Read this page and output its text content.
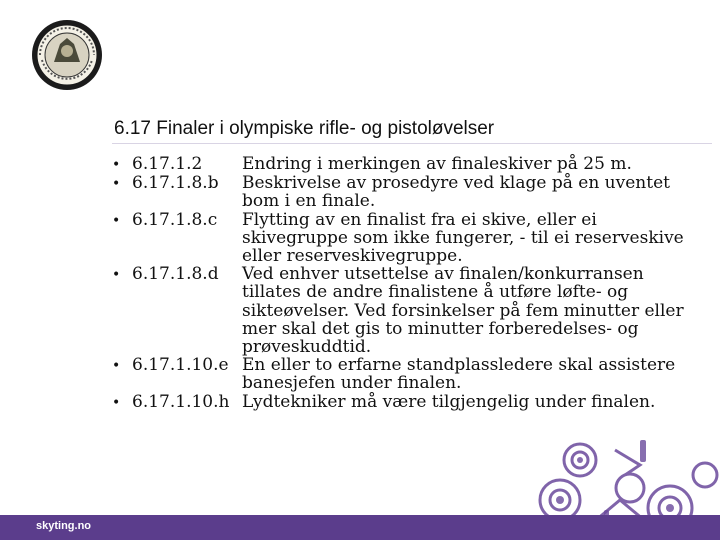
6.17 Finaler i olympiske rifle- og pistoløvelser
• 6.17.1.2	Endring i merkingen av finaleskiver på 25 m.
• 6.17.1.8.b	Beskrivelse av prosedyre ved klage på en uventet bom i en finale.
• 6.17.1.8.c	Flytting av en finalist fra ei skive, eller ei skivegruppe som ikke fungerer, - til ei reserveskive eller reserveskivegruppe.
• 6.17.1.8.d	Ved enhver utsettelse av finalen/konkurransen tillates de andre finalistene å utføre løfte- og sikteøvelser. Ved forsinkelser på fem minutter eller mer skal det gis to minutter forberedelses- og prøveskuddtid.
• 6.17.1.10.e En eller to erfarne standplassledere skal assistere banesjefen under finalen.
• 6.17.1.10.h Lydtekniker må være tilgjengelig under finalen.
skyting.no
